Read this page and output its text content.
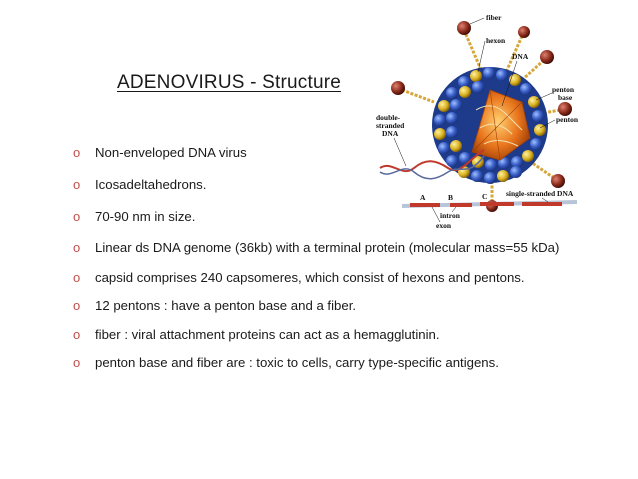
ADENOVIRUS - Structure
o Non-enveloped DNA virus
o Icosadeltahedrons.
o 70-90 nm in size.
o Linear ds DNA genome (36kb) with a terminal protein (molecular mass=55 kDa)
o capsid comprises 240 capsomeres, which consist of hexons and pentons.
o 12 pentons : have a penton base and a fiber.
o fiber : viral attachment proteins can act as a hemagglutinin.
o penton base and fiber are : toxic to cells, carry type-specific antigens.
fiber
hexon
DNA
penton
base
penton
double-
stranded
DNA
single-stranded DNA
A	B	C
intron
exon
